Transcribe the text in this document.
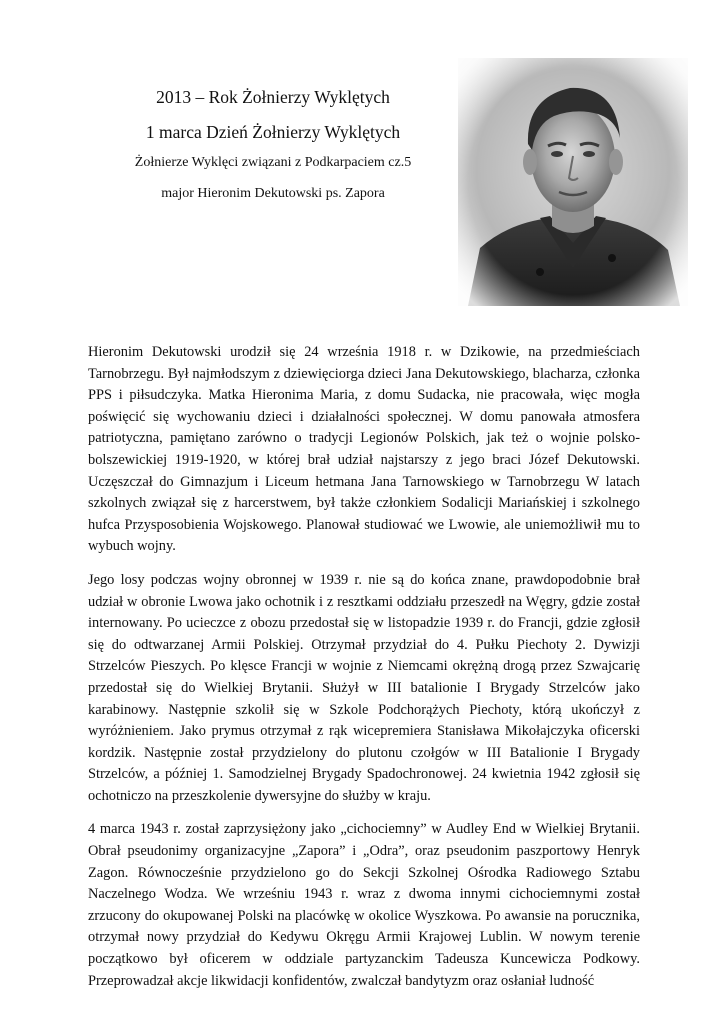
2013 – Rok Żołnierzy Wyklętych

1 marca Dzień Żołnierzy Wyklętych

Żołnierze Wyklęci związani z Podkarpaciem cz.5

major Hieronim Dekutowski ps. Zapora

Hieronim Dekutowski urodził się 24 września 1918 r. w Dzikowie, na przedmieściach Tarnobrzegu. Był najmłodszym z dziewięciorga dzieci Jana Dekutowskiego, blacharza, członka PPS i piłsudczyka. Matka Hieronima Maria, z domu Sudacka, nie pracowała, więc mogła poświęcić się wychowaniu dzieci i działalności społecznej. W domu panowała atmosfera patriotyczna, pamiętano zarówno o tradycji Legionów Polskich, jak też o wojnie polsko-bolszewickiej 1919-1920, w której brał udział najstarszy z jego braci Józef Dekutowski. Uczęszczał do Gimnazjum i Liceum hetmana Jana Tarnowskiego w Tarnobrzegu W latach szkolnych związał się z harcerstwem, był także członkiem Sodalicji Mariańskiej i szkolnego hufca Przysposobienia Wojskowego. Planował studiować we Lwowie, ale uniemożliwił mu to wybuch wojny.

Jego losy podczas wojny obronnej w 1939 r. nie są do końca znane, prawdopodobnie brał udział w obronie Lwowa jako ochotnik i z resztkami oddziału przeszedł na Węgry, gdzie został internowany. Po ucieczce z obozu przedostał się w listopadzie 1939 r. do Francji, gdzie zgłosił się do odtwarzanej Armii Polskiej. Otrzymał przydział do 4. Pułku Piechoty 2. Dywizji Strzelców Pieszych. Po klęsce Francji w wojnie z Niemcami okrężną drogą przez Szwajcarię przedostał się do Wielkiej Brytanii. Służył w III batalionie I Brygady Strzelców jako karabinowy. Następnie szkolił się w Szkole Podchorążych Piechoty, którą ukończył z wyróżnieniem. Jako prymus otrzymał z rąk wicepremiera Stanisława Mikołajczyka oficerski kordzik. Następnie został przydzielony do plutonu czołgów w III Batalionie I Brygady Strzelców, a później 1. Samodzielnej Brygady Spadochronowej. 24 kwietnia 1942 zgłosił się ochotniczo na przeszkolenie dywersyjne do służby w kraju.

4 marca 1943 r. został zaprzysiężony jako „cichociemny” w Audley End w Wielkiej Brytanii. Obrał pseudonimy organizacyjne „Zapora” i „Odra”, oraz pseudonim paszportowy Henryk Zagon. Równocześnie przydzielono go do Sekcji Szkolnej Ośrodka Radiowego Sztabu Naczelnego Wodza. We wrześniu 1943 r. wraz z dwoma innymi cichociemnymi został zrzucony do okupowanej Polski na placówkę w okolice Wyszkowa. Po awansie na porucznika, otrzymał nowy przydział do Kedywu Okręgu Armii Krajowej Lublin. W nowym terenie początkowo był oficerem w oddziale partyzanckim Tadeusza Kuncewicza Podkowy. Przeprowadzał akcje likwidacji konfidentów, zwalczał bandytyzm oraz osłaniał ludność
